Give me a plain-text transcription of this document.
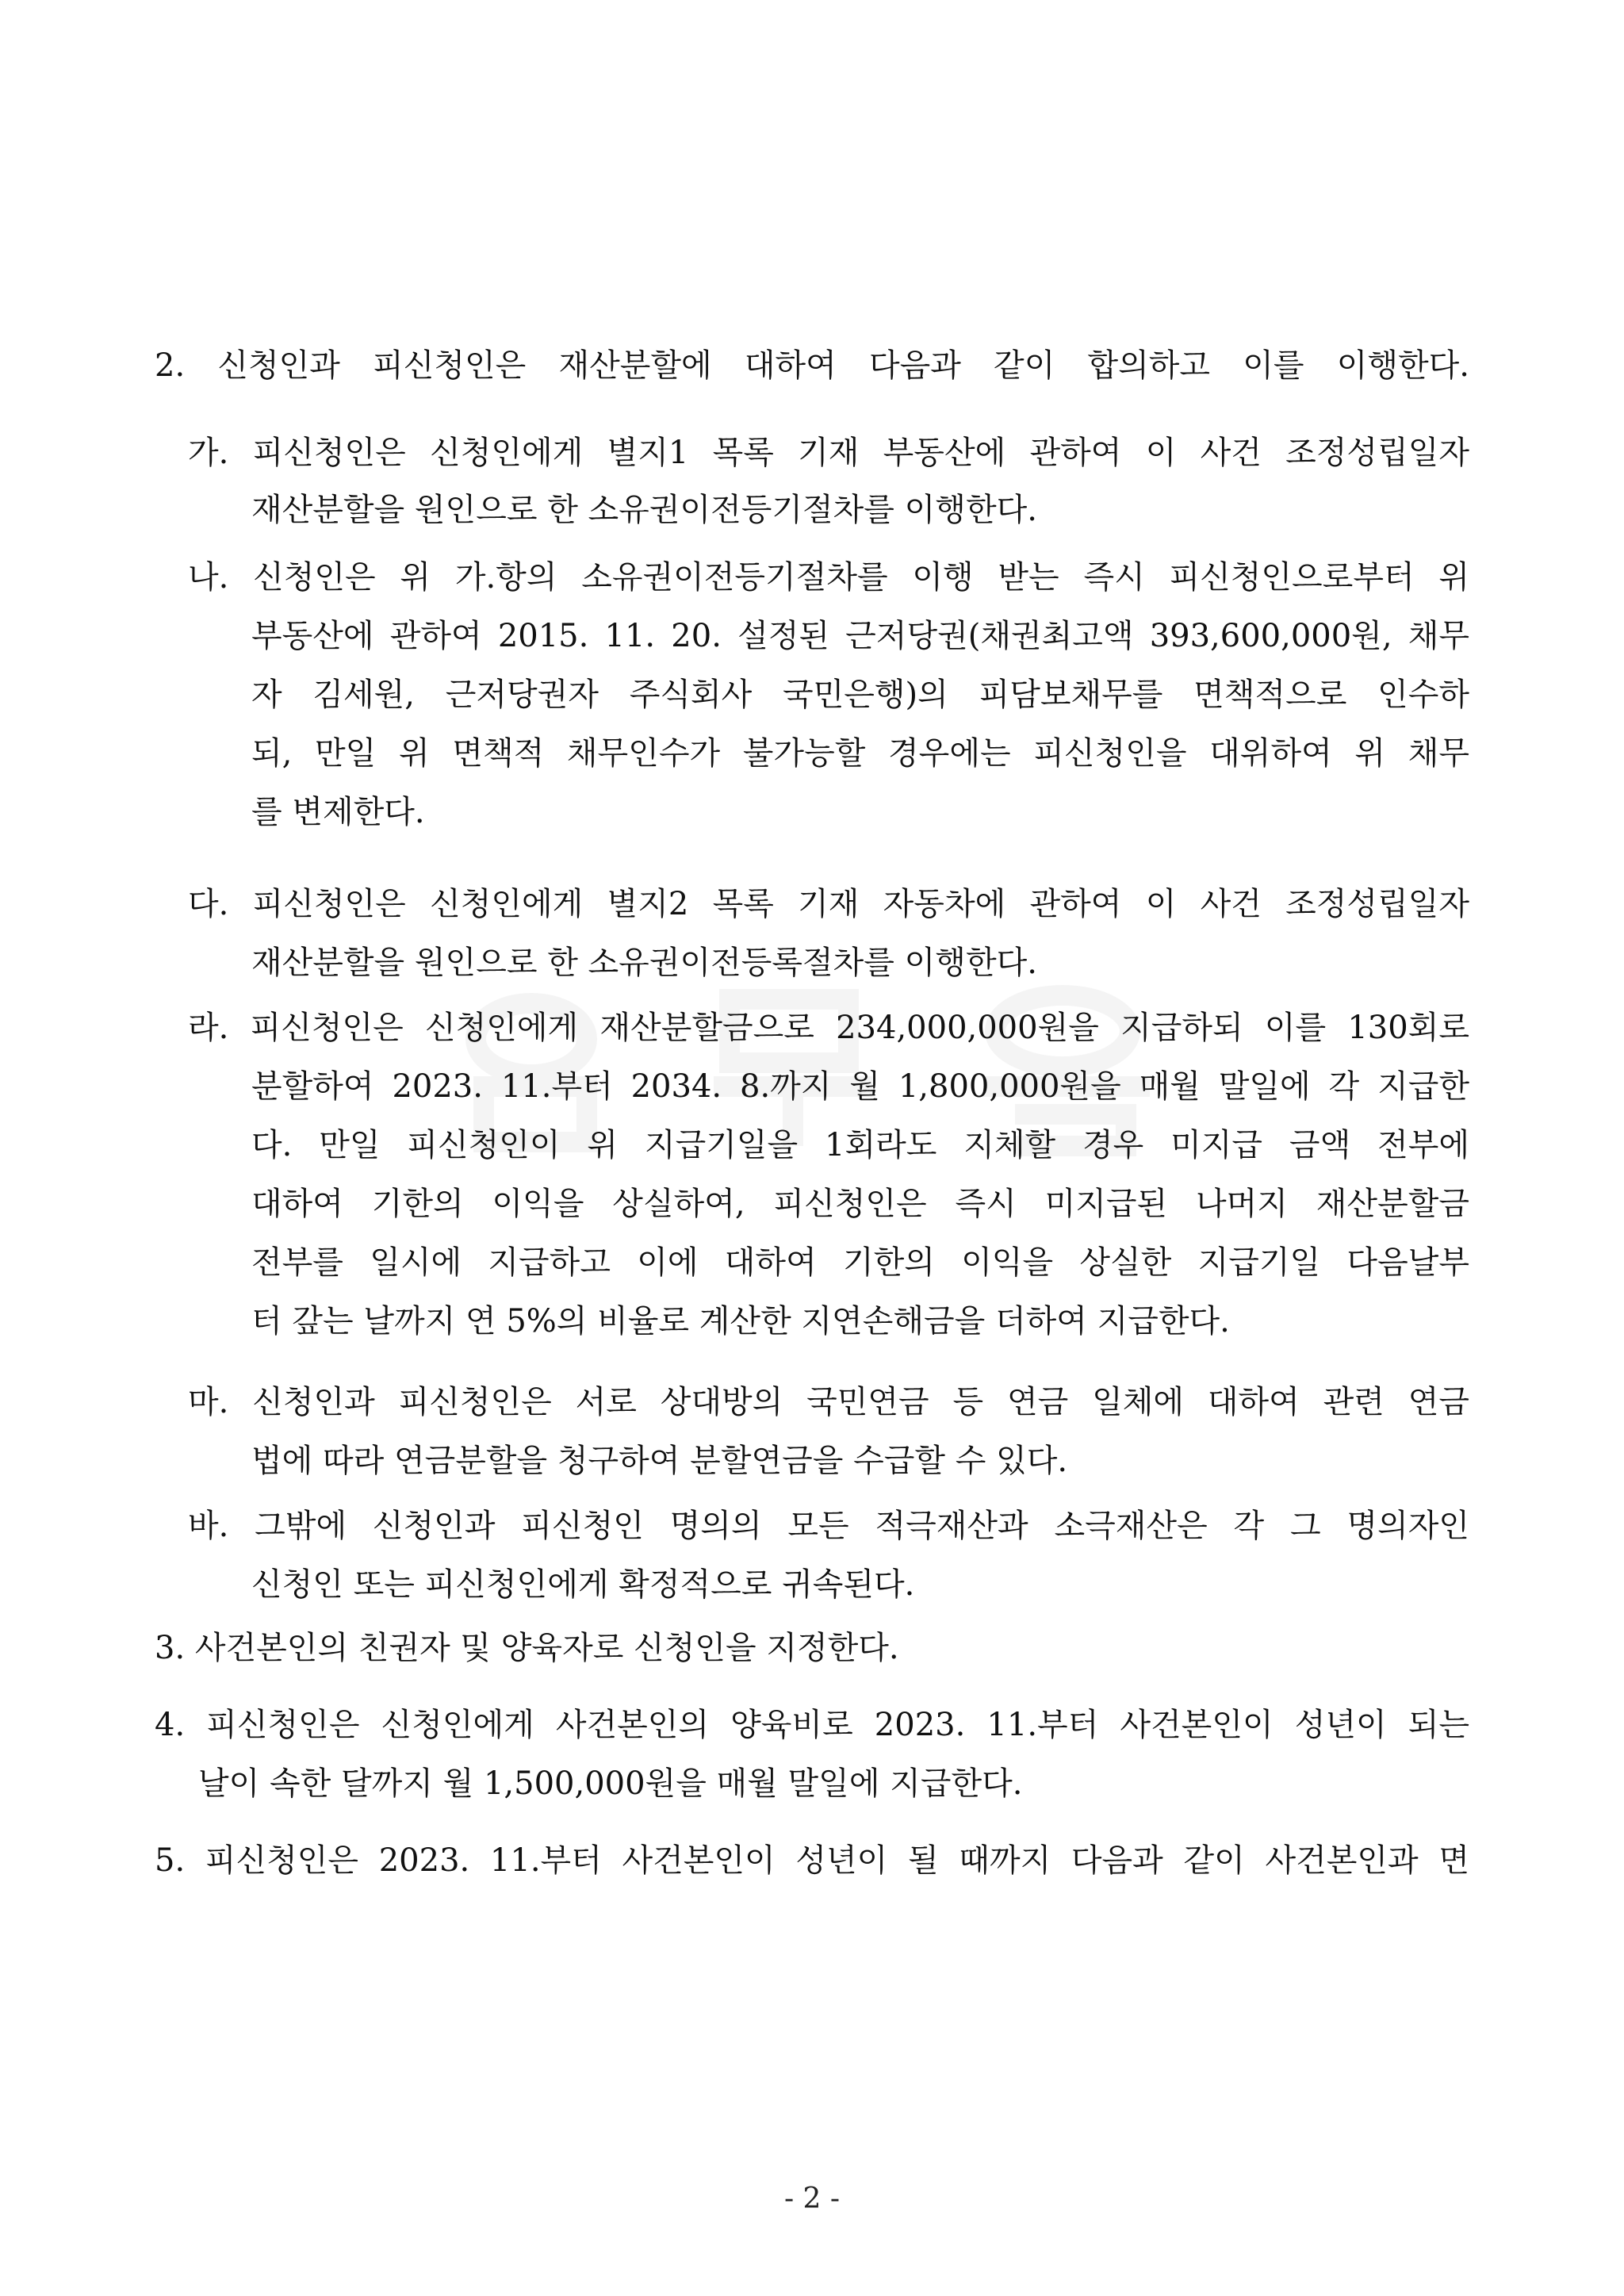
2. 신청인과 피신청인은 재산분할에 대하여 다음과 같이 합의하고 이를 이행한다.
가. 피신청인은 신청인에게 별지1 목록 기재 부동산에 관하여 이 사건 조정성립일자
재산분할을 원인으로 한 소유권이전등기절차를 이행한다.
나. 신청인은 위 가.항의 소유권이전등기절차를 이행 받는 즉시 피신청인으로부터 위
부동산에 관하여 2015. 11. 20. 설정된 근저당권(채권최고액 393,600,000원, 채무
자 김세원, 근저당권자 주식회사 국민은행)의 피담보채무를 면책적으로 인수하
되, 만일 위 면책적 채무인수가 불가능할 경우에는 피신청인을 대위하여 위 채무
를 변제한다.
다. 피신청인은 신청인에게 별지2 목록 기재 자동차에 관하여 이 사건 조정성립일자
재산분할을 원인으로 한 소유권이전등록절차를 이행한다.
라. 피신청인은 신청인에게 재산분할금으로 234,000,000원을 지급하되 이를 130회로
분할하여 2023. 11.부터 2034. 8.까지 월 1,800,000원을 매월 말일에 각 지급한
다. 만일 피신청인이 위 지급기일을 1회라도 지체할 경우 미지급 금액 전부에
대하여 기한의 이익을 상실하여, 피신청인은 즉시 미지급된 나머지 재산분할금
전부를 일시에 지급하고 이에 대하여 기한의 이익을 상실한 지급기일 다음날부
터 갚는 날까지 연 5%의 비율로 계산한 지연손해금을 더하여 지급한다.
마. 신청인과 피신청인은 서로 상대방의 국민연금 등 연금 일체에 대하여 관련 연금
법에 따라 연금분할을 청구하여 분할연금을 수급할 수 있다.
바. 그밖에 신청인과 피신청인 명의의 모든 적극재산과 소극재산은 각 그 명의자인
신청인 또는 피신청인에게 확정적으로 귀속된다.
3. 사건본인의 친권자 및 양육자로 신청인을 지정한다.
4. 피신청인은 신청인에게 사건본인의 양육비로 2023. 11.부터 사건본인이 성년이 되는
날이 속한 달까지 월 1,500,000원을 매월 말일에 지급한다.
5. 피신청인은 2023. 11.부터 사건본인이 성년이 될 때까지 다음과 같이 사건본인과 면
- 2 -
